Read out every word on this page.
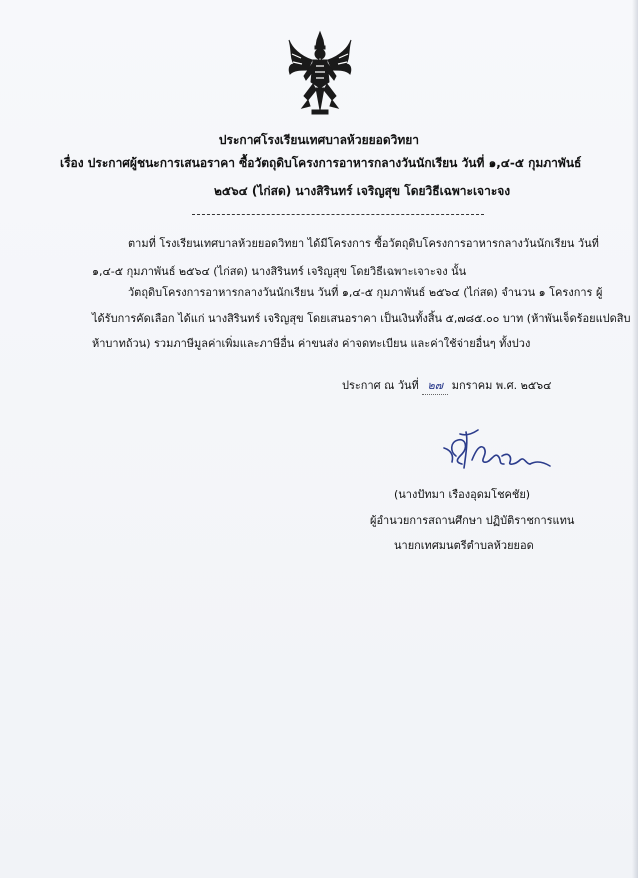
ประกาศโรงเรียนเทศบาลห้วยยอดวิทยา
เรื่อง ประกาศผู้ชนะการเสนอราคา ซื้อวัตถุดิบโครงการอาหารกลางวันนักเรียน วันที่ ๑,๔-๕ กุมภาพันธ์
๒๕๖๔ (ไก่สด) นางสิรินทร์ เจริญสุข โดยวิธีเฉพาะเจาะจง
ตามที่ โรงเรียนเทศบาลห้วยยอดวิทยา ได้มีโครงการ ซื้อวัตถุดิบโครงการอาหารกลางวันนักเรียน วันที่
๑,๔-๕ กุมภาพันธ์ ๒๕๖๔ (ไก่สด) นางสิรินทร์ เจริญสุข โดยวิธีเฉพาะเจาะจง นั้น
วัตถุดิบโครงการอาหารกลางวันนักเรียน วันที่ ๑,๔-๕ กุมภาพันธ์ ๒๕๖๔ (ไก่สด) จำนวน ๑ โครงการ ผู้
ได้รับการคัดเลือก ได้แก่ นางสิรินทร์ เจริญสุข โดยเสนอราคา เป็นเงินทั้งสิ้น ๕,๗๘๕.๐๐ บาท (ห้าพันเจ็ดร้อยแปดสิบ
ห้าบาทถ้วน) รวมภาษีมูลค่าเพิ่มและภาษีอื่น ค่าขนส่ง ค่าจดทะเบียน และค่าใช้จ่ายอื่นๆ ทั้งปวง
ประกาศ ณ วันที่ ๒๗ มกราคม พ.ศ. ๒๕๖๔
(นางปัทมา เรืองอุดมโชคชัย)
ผู้อำนวยการสถานศึกษา ปฏิบัติราชการแทน
นายกเทศมนตรีตำบลห้วยยอด
